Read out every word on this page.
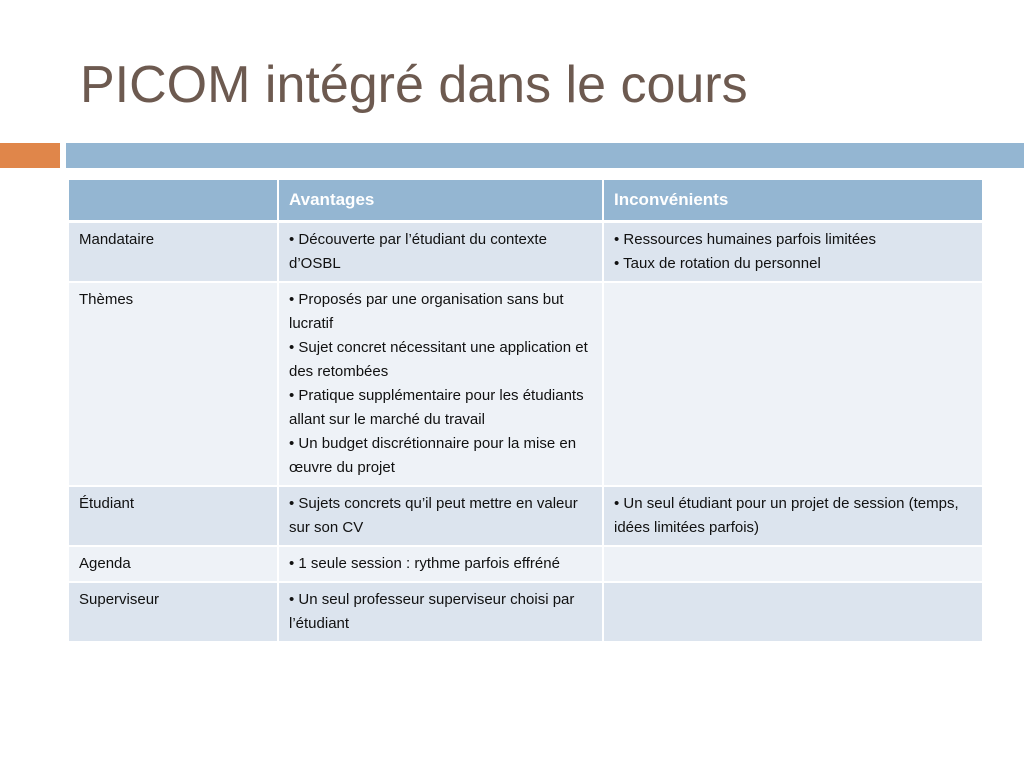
PICOM intégré dans le cours
	Avantages	Inconvénients
Mandataire	• Découverte par l’étudiant du contexte d’OSBL	• Ressources humaines parfois limitées
• Taux de rotation du personnel

Thèmes	• Proposés par une organisation sans but lucratif
• Sujet concret nécessitant une application et des retombées
• Pratique supplémentaire pour les étudiants allant sur le marché du travail
• Un budget discrétionnaire pour la mise en œuvre du projet	

Étudiant	• Sujets concrets qu’il peut mettre en valeur sur son CV	• Un seul étudiant pour un projet de session (temps, idées limitées parfois)

Agenda	• 1 seule session : rythme parfois effréné	

Superviseur	• Un seul professeur superviseur choisi par l’étudiant	
